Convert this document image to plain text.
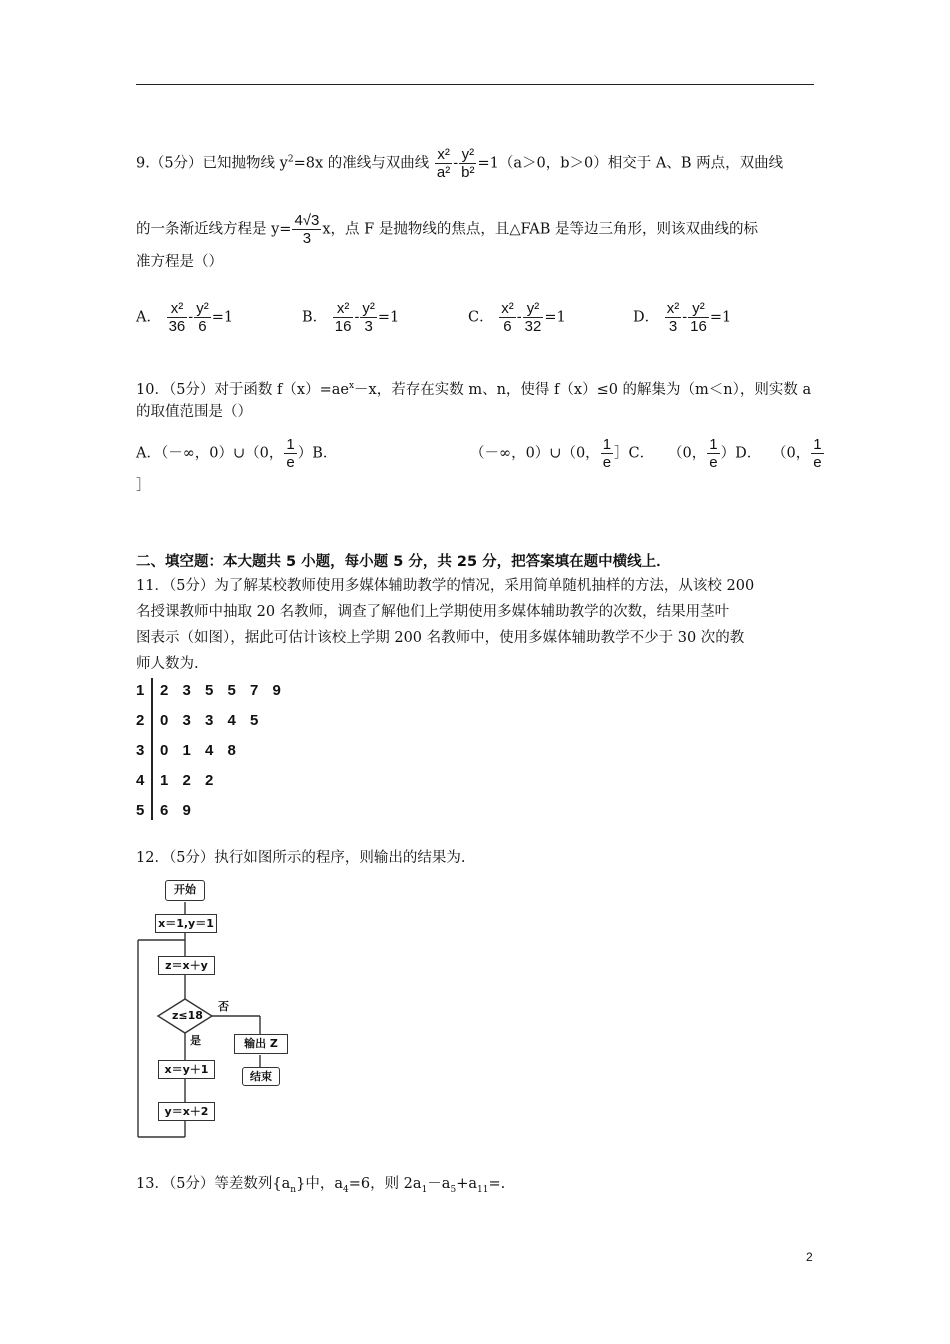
9.（5分）已知抛物线 $y^2=8x$ 的准线与双曲线 $\frac{\text{x²}}{\text{a²}} - \frac{\text{y²}}{\text{b²}} =1(a>0$，b＞0）相交于 A、B 两点，双曲线
的一条渐近线方程是 $y= \frac{4√3}{3}$ x，点 F 是抛物线的焦点，且△FAB 是等边三角形，则该双曲线的标
准方程是（）
A． $\frac{\text{x²}}{36} - \frac{\text{y²}}{6} =1$	B． $\frac{\text{x²}}{16} - \frac{\text{y²}}{3} =1$	C． $\frac{\text{x²}}{6} - \frac{\text{y²}}{32} =1$	D． $\frac{\text{x²}}{3} - \frac{\text{y²}}{16} =1$
10．（5分）对于函数 $f(x)=ae^x-x$，若存在实数 m、n，使得 f（x）≤0 的解集为（m＜n），则实数 a
的取值范围是（）
A．（－∞，0）∪（0， $\frac{1}{e} )B$．	（－∞，0）∪（0， $\frac{1}{e}$ ］C． （0， $\frac{1}{e} )D$． （0， $\frac{1}{e}$
］
二、填空题：本大题共 5 小题，每小题 5 分，共 25 分，把答案填在题中横线上．
11．（5分）为了解某校教师使用多媒体辅助教学的情况，采用简单随机抽样的方法，从该校 200
名授课教师中抽取 20 名教师，调查了解他们上学期使用多媒体辅助教学的次数，结果用茎叶
图表示（如图），据此可估计该校上学期 200 名教师中，使用多媒体辅助教学不少于 30 次的教
师人数为.
1 2 3 5 5 7 9
2 0 3 3 4 5
3 0 1 4 8
4 1 2 2
5 6 9
12．（5分）执行如图所示的程序，则输出的结果为.
开始
x＝1,y＝1
z＝x＋y
z≤18
否
是	输出 Z
结束
x＝y＋1
y＝x＋2
13．（5分）等差数列$\{a_n\}$中，$a_4=6$，则 $2a_1-a_5+a_{11}=$.
2
